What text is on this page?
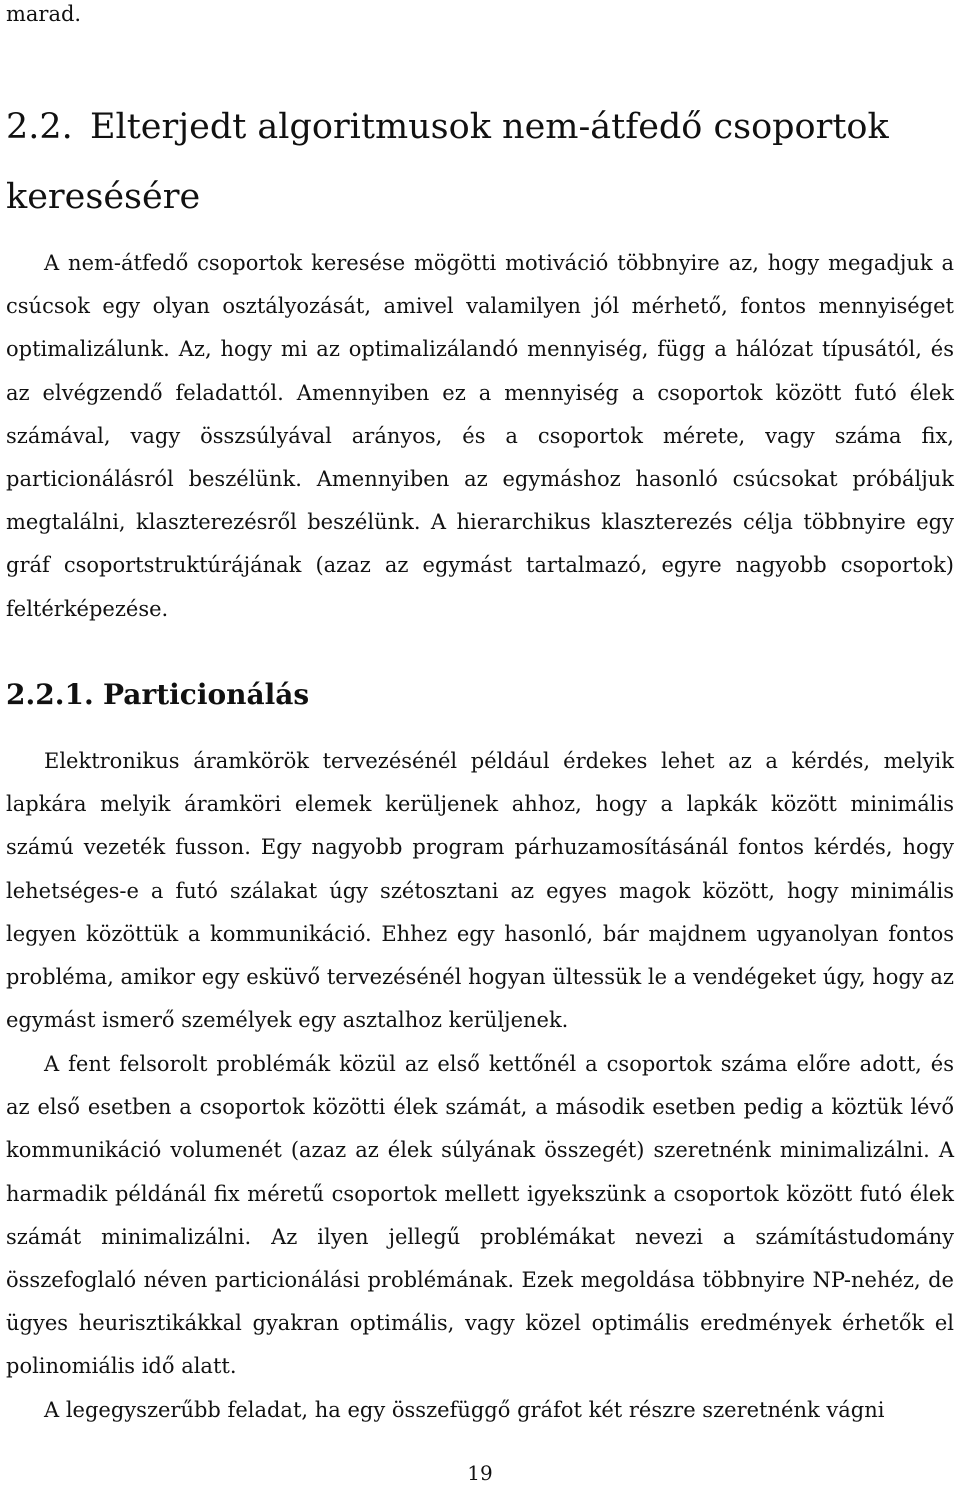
marad.

2.2. Elterjedt algoritmusok nem-átfedő csoportok keresésére

A nem-átfedő csoportok keresése mögötti motiváció többnyire az, hogy megadjuk a csúcsok egy olyan osztályozását, amivel valamilyen jól mérhető, fontos mennyiséget optimalizálunk. Az, hogy mi az optimalizálandó mennyiség, függ a hálózat típusától, és az elvégzendő feladattól. Amennyiben ez a mennyiség a csoportok között futó élek számával, vagy összsúlyával arányos, és a csoportok mérete, vagy száma fix, particionálásról beszélünk. Amennyiben az egymáshoz hasonló csúcsokat próbáljuk megtalálni, klaszterezésről beszélünk. A hierarchikus klaszterezés célja többnyire egy gráf csoportstruktúrájának (azaz az egymást tartalmazó, egyre nagyobb csoportok) feltérképezése.

2.2.1. Particionálás

Elektronikus áramkörök tervezésénél például érdekes lehet az a kérdés, melyik lapkára melyik áramköri elemek kerüljenek ahhoz, hogy a lapkák között minimális számú vezeték fusson. Egy nagyobb program párhuzamosításánál fontos kérdés, hogy lehetséges-e a futó szálakat úgy szétosztani az egyes magok között, hogy minimális legyen közöttük a kommunikáció. Ehhez egy hasonló, bár majdnem ugyanolyan fontos probléma, amikor egy esküvő tervezésénél hogyan ültessük le a vendégeket úgy, hogy az egymást ismerő személyek egy asztalhoz kerüljenek.

A fent felsorolt problémák közül az első kettőnél a csoportok száma előre adott, és az első esetben a csoportok közötti élek számát, a második esetben pedig a köztük lévő kommunikáció volumenét (azaz az élek súlyának összegét) szeretnénk minimalizálni. A harmadik példánál fix méretű csoportok mellett igyekszünk a csoportok között futó élek számát minimalizálni. Az ilyen jellegű problémákat nevezi a számítástudomány összefoglaló néven particionálási problémának. Ezek megoldása többnyire NP-nehéz, de ügyes heurisztikákkal gyakran optimális, vagy közel optimális eredmények érhetők el polinomiális idő alatt.

A legegyszerűbb feladat, ha egy összefüggő gráfot két részre szeretnénk vágni

19
